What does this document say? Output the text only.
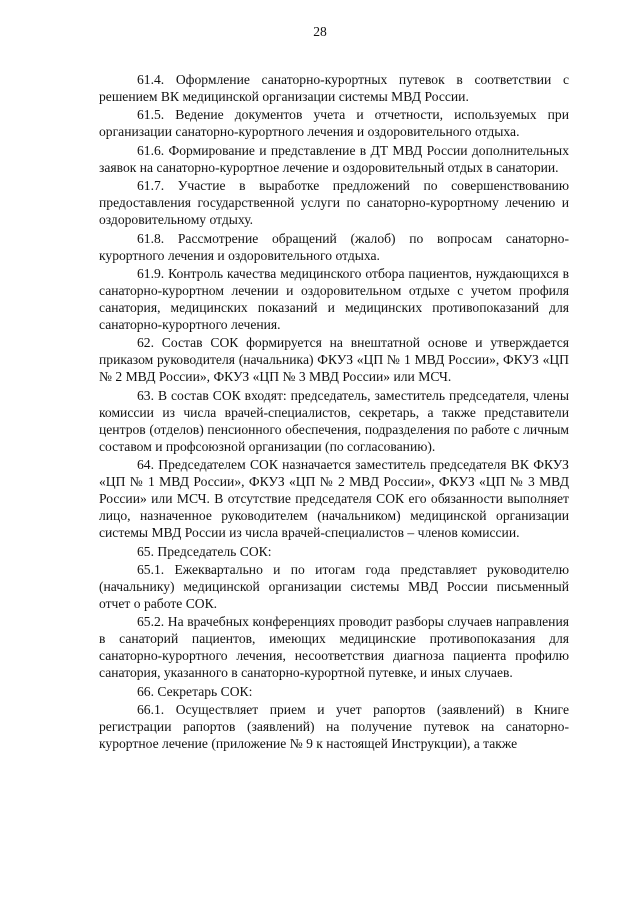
28

61.4. Оформление санаторно-курортных путевок в соответствии с решением ВК медицинской организации системы МВД России.

61.5. Ведение документов учета и отчетности, используемых при организации санаторно-курортного лечения и оздоровительного отдыха.

61.6. Формирование и представление в ДТ МВД России дополнительных заявок на санаторно-курортное лечение и оздоровительный отдых в санатории.

61.7. Участие в выработке предложений по совершенствованию предоставления государственной услуги по санаторно-курортному лечению и оздоровительному отдыху.

61.8. Рассмотрение обращений (жалоб) по вопросам санаторно-курортного лечения и оздоровительного отдыха.

61.9. Контроль качества медицинского отбора пациентов, нуждающихся в санаторно-курортном лечении и оздоровительном отдыхе с учетом профиля санатория, медицинских показаний и медицинских противопоказаний для санаторно-курортного лечения.

62. Состав СОК формируется на внештатной основе и утверждается приказом руководителя (начальника) ФКУЗ «ЦП № 1 МВД России», ФКУЗ «ЦП № 2 МВД России», ФКУЗ «ЦП № 3 МВД России» или МСЧ.

63. В состав СОК входят: председатель, заместитель председателя, члены комиссии из числа врачей-специалистов, секретарь, а также представители центров (отделов) пенсионного обеспечения, подразделения по работе с личным составом и профсоюзной организации (по согласованию).

64. Председателем СОК назначается заместитель председателя ВК ФКУЗ «ЦП № 1 МВД России», ФКУЗ «ЦП № 2 МВД России», ФКУЗ «ЦП № 3 МВД России» или МСЧ. В отсутствие председателя СОК его обязанности выполняет лицо, назначенное руководителем (начальником) медицинской организации системы МВД России из числа врачей-специалистов – членов комиссии.

65. Председатель СОК:

65.1. Ежеквартально и по итогам года представляет руководителю (начальнику) медицинской организации системы МВД России письменный отчет о работе СОК.

65.2. На врачебных конференциях проводит разборы случаев направления в санаторий пациентов, имеющих медицинские противопоказания для санаторно-курортного лечения, несоответствия диагноза пациента профилю санатория, указанного в санаторно-курортной путевке, и иных случаев.

66. Секретарь СОК:

66.1. Осуществляет прием и учет рапортов (заявлений) в Книге регистрации рапортов (заявлений) на получение путевок на санаторно-курортное лечение (приложение № 9 к настоящей Инструкции), а также
